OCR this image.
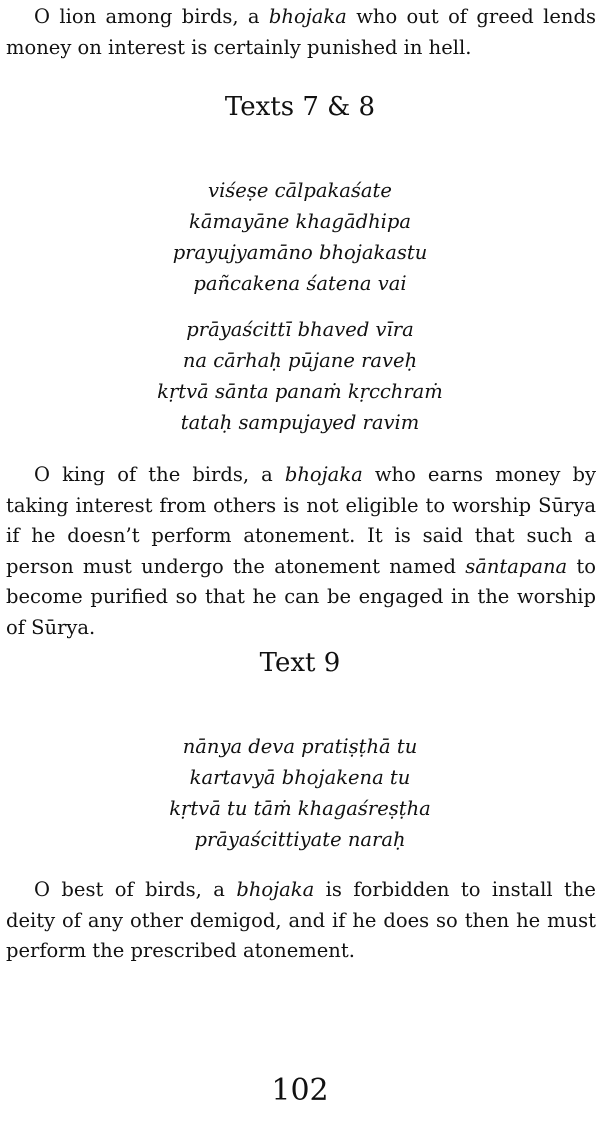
O lion among birds, a bhojaka who out of greed lends money on interest is certainly punished in hell.

Texts 7 & 8
viśeṣe cālpakaśate
kāmayāne khagādhipa
prayujyamāno bhojakastu
pañcakena śatena vai
prāyaścittī bhaved vīra
na cārhaḥ pūjane raveḥ
kṛtvā sānta panaṁ kṛcchraṁ
tataḥ sampujayed ravim

O king of the birds, a bhojaka who earns money by taking interest from others is not eligible to worship Sūrya if he doesn’t perform atonement. It is said that such a person must undergo the atonement named sāntapana to become purified so that he can be engaged in the worship of Sūrya.

Text 9
nānya deva pratiṣṭhā tu
kartavyā bhojakena tu
kṛtvā tu tāṁ khagaśreṣṭha
prāyaścittiyate naraḥ

O best of birds, a bhojaka is forbidden to install the deity of any other demigod, and if he does so then he must perform the prescribed atonement.

102
